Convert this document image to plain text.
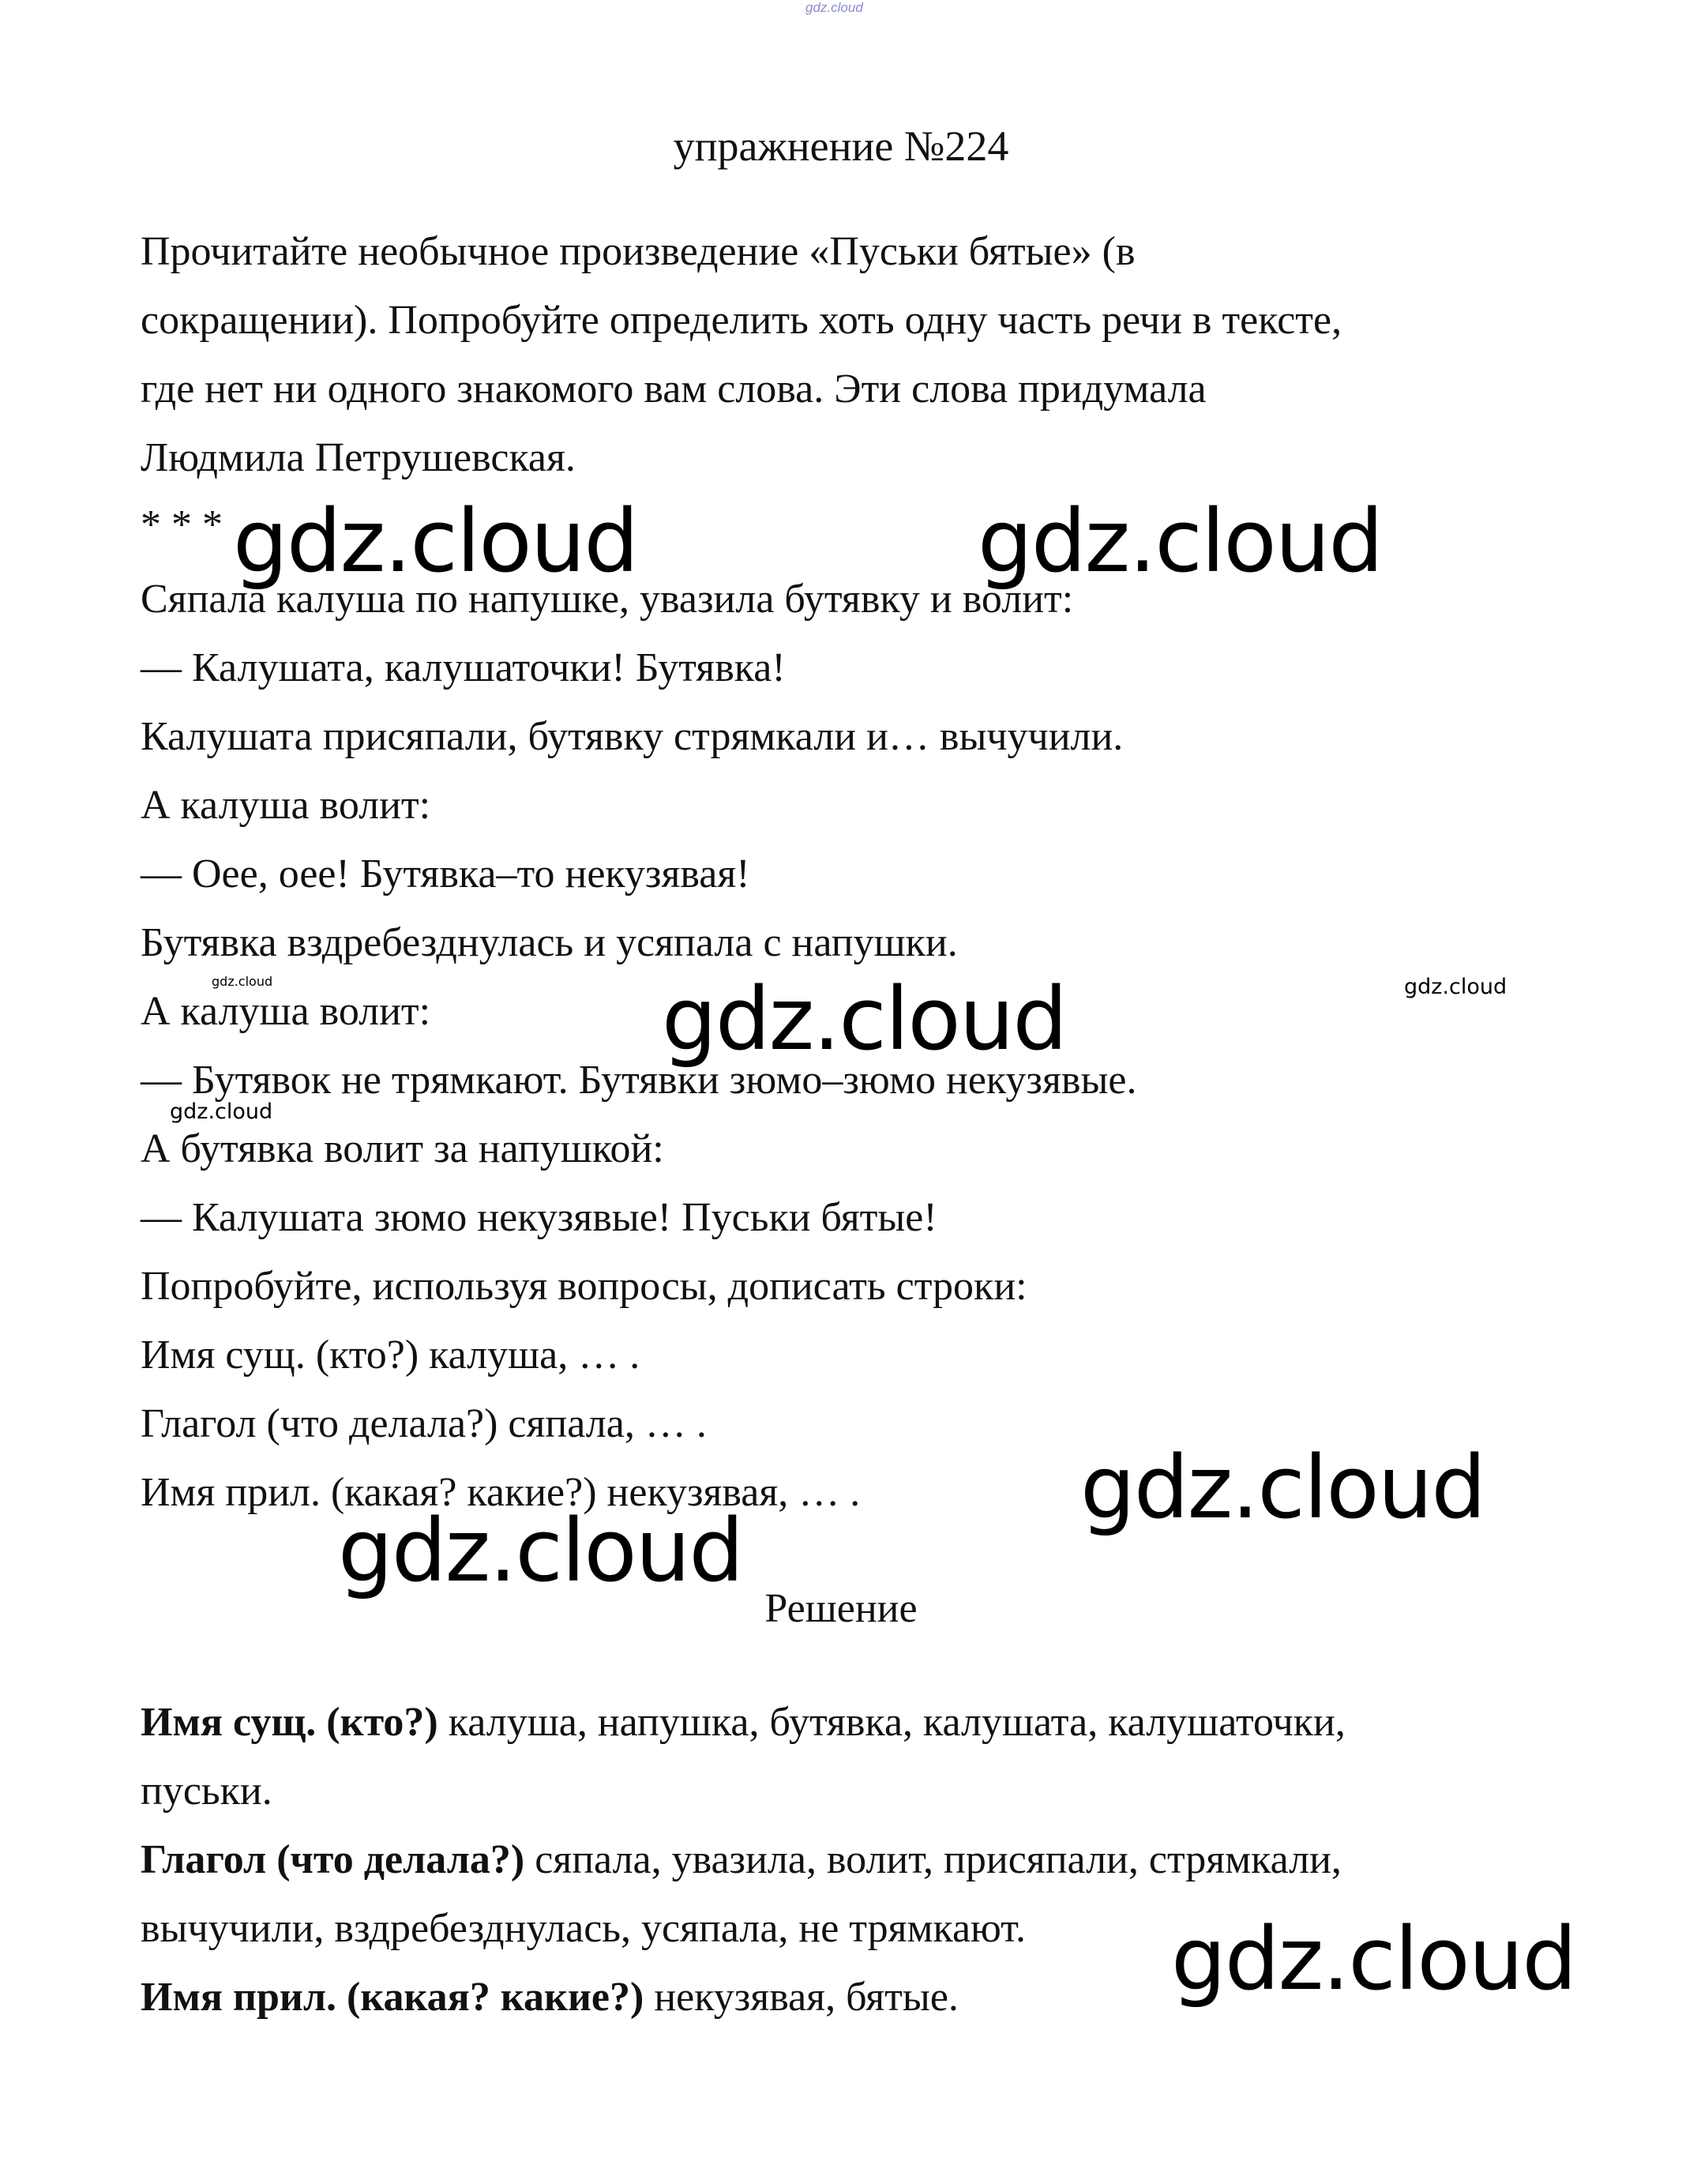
gdz.cloud
упражнение №224
Прочитайте необычное произведение «Пуськи бятые» (в
сокращении). Попробуйте определить хоть одну часть речи в тексте,
где нет ни одного знакомого вам слова. Эти слова придумала
Людмила Петрушевская.
* * *
Сяпала калуша по напушке, увазила бутявку и волит:
— Калушата, калушаточки! Бутявка!
Калушата присяпали, бутявку стрямкали и… вычучили.
А калуша волит:
— Оее, оее! Бутявка–то некузявая!
Бутявка вздребезднулась и усяпала с напушки.
А калуша волит:
— Бутявок не трямкают. Бутявки зюмо–зюмо некузявые.
А бутявка волит за напушкой:
— Калушата зюмо некузявые! Пуськи бятые!
Попробуйте, используя вопросы, дописать строки:
Имя сущ. (кто?) калуша, … .
Глагол (что делала?) сяпала, … .
Имя прил. (какая? какие?) некузявая, … .
Решение
Имя сущ. (кто?) калуша, напушка, бутявка, калушата, калушаточки,
пуськи.
Глагол (что делала?) сяпала, увазила, волит, присяпали, стрямкали,
вычучили, вздребезднулась, усяпала, не трямкают.
Имя прил. (какая? какие?) некузявая, бятые.
gdz.cloud	gdz.cloud
gdz.cloud
gdz.cloud
gdz.cloud
gdz.cloud
gdz.cloud
gdz.cloud
gdz.cloud
